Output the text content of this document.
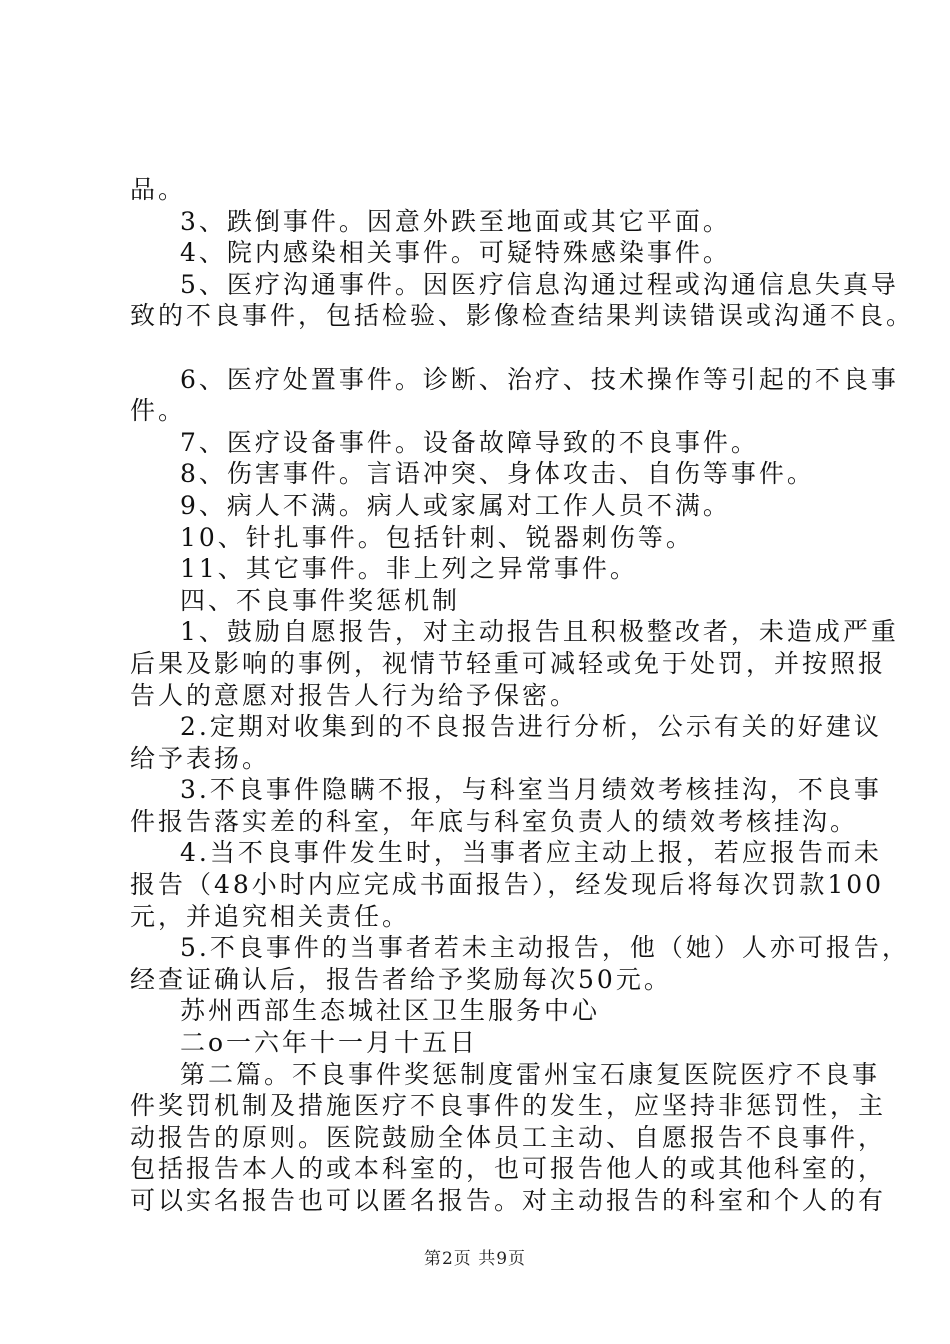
品。
3、跌倒事件。因意外跌至地面或其它平面。
4、院内感染相关事件。可疑特殊感染事件。
5、医疗沟通事件。因医疗信息沟通过程或沟通信息失真导
致的不良事件，包括检验、影像检查结果判读错误或沟通不良。
6、医疗处置事件。诊断、治疗、技术操作等引起的不良事
件。
7、医疗设备事件。设备故障导致的不良事件。
8、伤害事件。言语冲突、身体攻击、自伤等事件。
9、病人不满。病人或家属对工作人员不满。
10、针扎事件。包括针刺、锐器刺伤等。
11、其它事件。非上列之异常事件。
四、不良事件奖惩机制
1、鼓励自愿报告，对主动报告且积极整改者，未造成严重
后果及影响的事例，视情节轻重可减轻或免于处罚，并按照报
告人的意愿对报告人行为给予保密。
2.定期对收集到的不良报告进行分析，公示有关的好建议
给予表扬。
3.不良事件隐瞒不报，与科室当月绩效考核挂沟，不良事
件报告落实差的科室，年底与科室负责人的绩效考核挂沟。
4.当不良事件发生时，当事者应主动上报，若应报告而未
报告（48小时内应完成书面报告），经发现后将每次罚款100
元，并追究相关责任。
5.不良事件的当事者若未主动报告，他（她）人亦可报告，
经查证确认后，报告者给予奖励每次50元。
苏州西部生态城社区卫生服务中心
二o一六年十一月十五日
第二篇。不良事件奖惩制度雷州宝石康复医院医疗不良事
件奖罚机制及措施医疗不良事件的发生，应坚持非惩罚性，主
动报告的原则。医院鼓励全体员工主动、自愿报告不良事件，
包括报告本人的或本科室的，也可报告他人的或其他科室的，
可以实名报告也可以匿名报告。对主动报告的科室和个人的有
第2页 共9页
